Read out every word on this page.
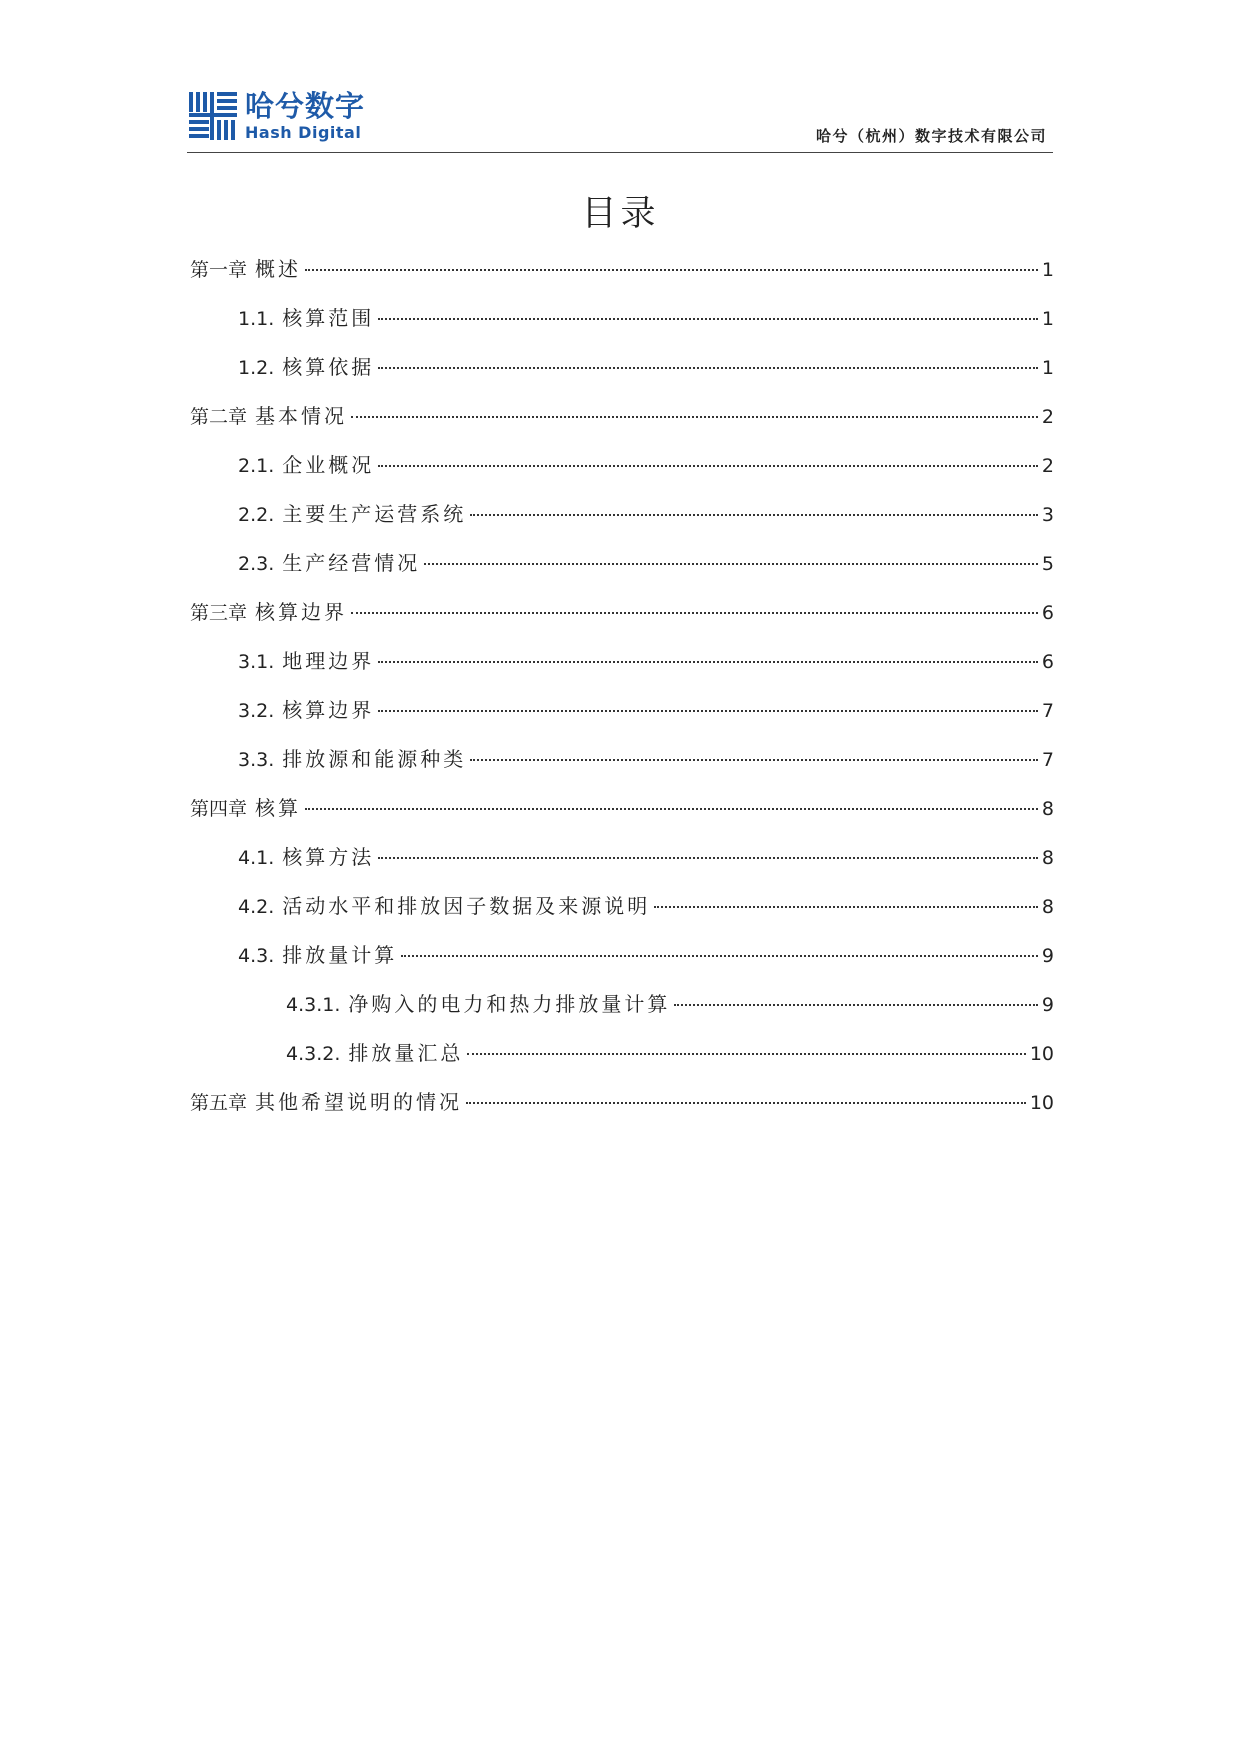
哈兮数字
Hash Digital	哈兮（杭州）数字技术有限公司
目录
第一章 概述	1
1.1. 核算范围	1
1.2. 核算依据	1
第二章 基本情况	2
2.1. 企业概况	2
2.2. 主要生产运营系统	3
2.3. 生产经营情况	5
第三章 核算边界	6
3.1. 地理边界	6
3.2. 核算边界	7
3.3. 排放源和能源种类	7
第四章 核算	8
4.1. 核算方法	8
4.2. 活动水平和排放因子数据及来源说明	8
4.3. 排放量计算	9
4.3.1. 净购入的电力和热力排放量计算	9
4.3.2. 排放量汇总	10
第五章 其他希望说明的情况	10
